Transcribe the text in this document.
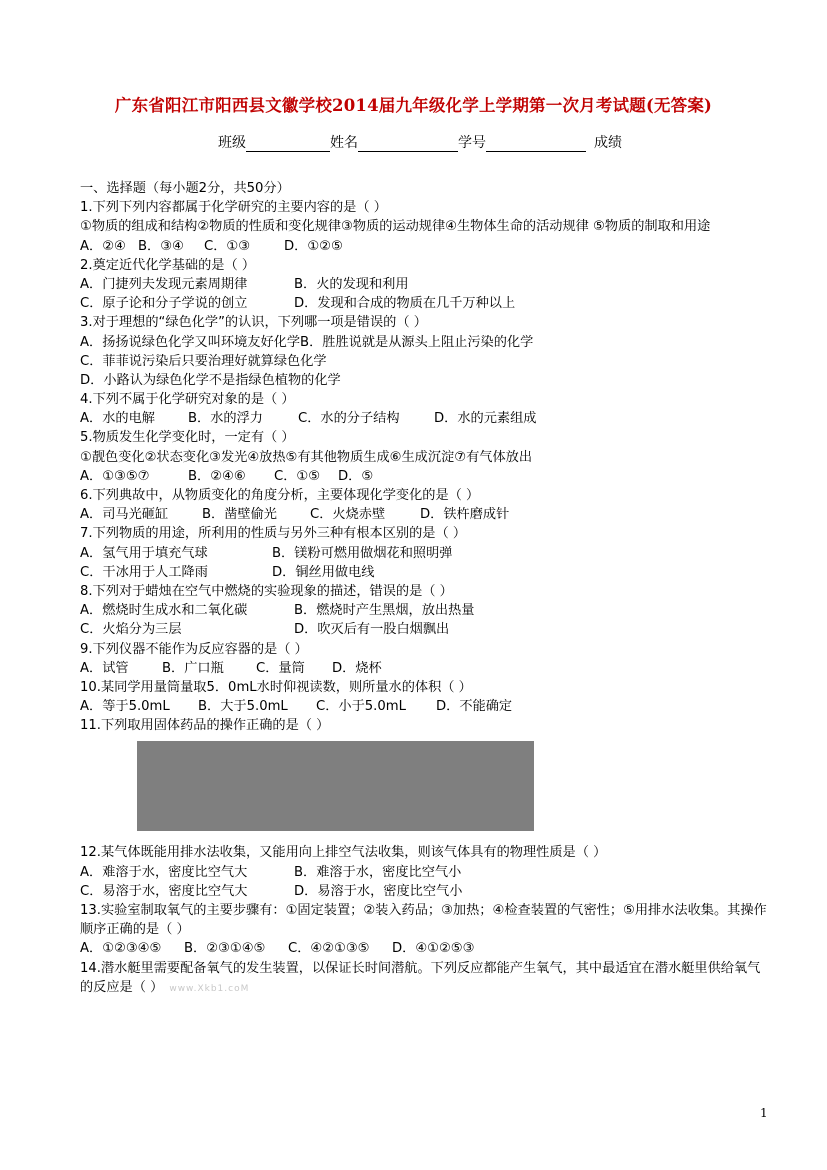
广东省阳江市阳西县文徽学校2014届九年级化学上学期第一次月考试题(无答案)
班级	姓名	学号	成绩
一、选择题（每小题2分，共50分）
1.下列下列内容都属于化学研究的主要内容的是（ ）
①物质的组成和结构②物质的性质和变化规律③物质的运动规律④生物体生命的活动规律 ⑤物质的制取和用途
A．②④ B．③④ C．①③	D．①②⑤
2.奠定近代化学基础的是（ ）
A．门捷列夫发现元素周期律	B．火的发现和利用
C．原子论和分子学说的创立	D．发现和合成的物质在几千万种以上
3.对于理想的“绿色化学”的认识，下列哪一项是错误的（ ）
A．扬扬说绿色化学又叫环境友好化学B．胜胜说就是从源头上阻止污染的化学
C．菲菲说污染后只要治理好就算绿色化学
D．小路认为绿色化学不是指绿色植物的化学
4.下列不属于化学研究对象的是（ ）
A．水的电解	B．水的浮力	C．水的分子结构	D．水的元素组成
5.物质发生化学变化时，一定有（ ）
①靓色变化②状态变化③发光④放热⑤有其他物质生成⑥生成沉淀⑦有气体放出
A．①③⑤⑦	B．②④⑥ C．①⑤ D．⑤
6.下列典故中，从物质变化的角度分析，主要体现化学变化的是（ ）
A．司马光砸缸	B．凿壁偷光	C．火烧赤壁	D．铁杵磨成针
7.下列物质的用途，所利用的性质与另外三种有根本区别的是（ ）
A．氢气用于填充气球	B．镁粉可燃用做烟花和照明弹
C．干冰用于人工降雨	D．铜丝用做电线
8.下列对于蜡烛在空气中燃烧的实验现象的描述，错误的是（ ）
A．燃烧时生成水和二氧化碳	B．燃烧时产生黑烟，放出热量
C．火焰分为三层	D．吹灭后有一股白烟飘出
9.下列仪器不能作为反应容器的是（ ）
A．试管	B．广口瓶 C．量筒 D．烧杯
10.某同学用量筒量取5．0mL水时仰视读数，则所量水的体积（ ）
A．等于5.0mL B．大于5.0mL C．小于5.0mL D．不能确定
11.下列取用固体药品的操作正确的是（ ）
12.某气体既能用排水法收集，又能用向上排空气法收集，则该气体具有的物理性质是（ ）
A．难溶于水，密度比空气大	B．难溶于水，密度比空气小
C．易溶于水，密度比空气大	D．易溶于水，密度比空气小
13.实验室制取氧气的主要步骤有：①固定装置；②装入药品；③加热；④检查装置的气密性；⑤用排水法收集。其操作顺序正确的是（ ）
A．①②③④⑤ B．②③①④⑤ C．④②①③⑤ D．④①②⑤③
14.潜水艇里需要配备氧气的发生装置，以保证长时间潜航。下列反应都能产生氧气，其中最适宜在潜水艇里供给氧气的反应是（ ） www.Xkb1.coM
1
